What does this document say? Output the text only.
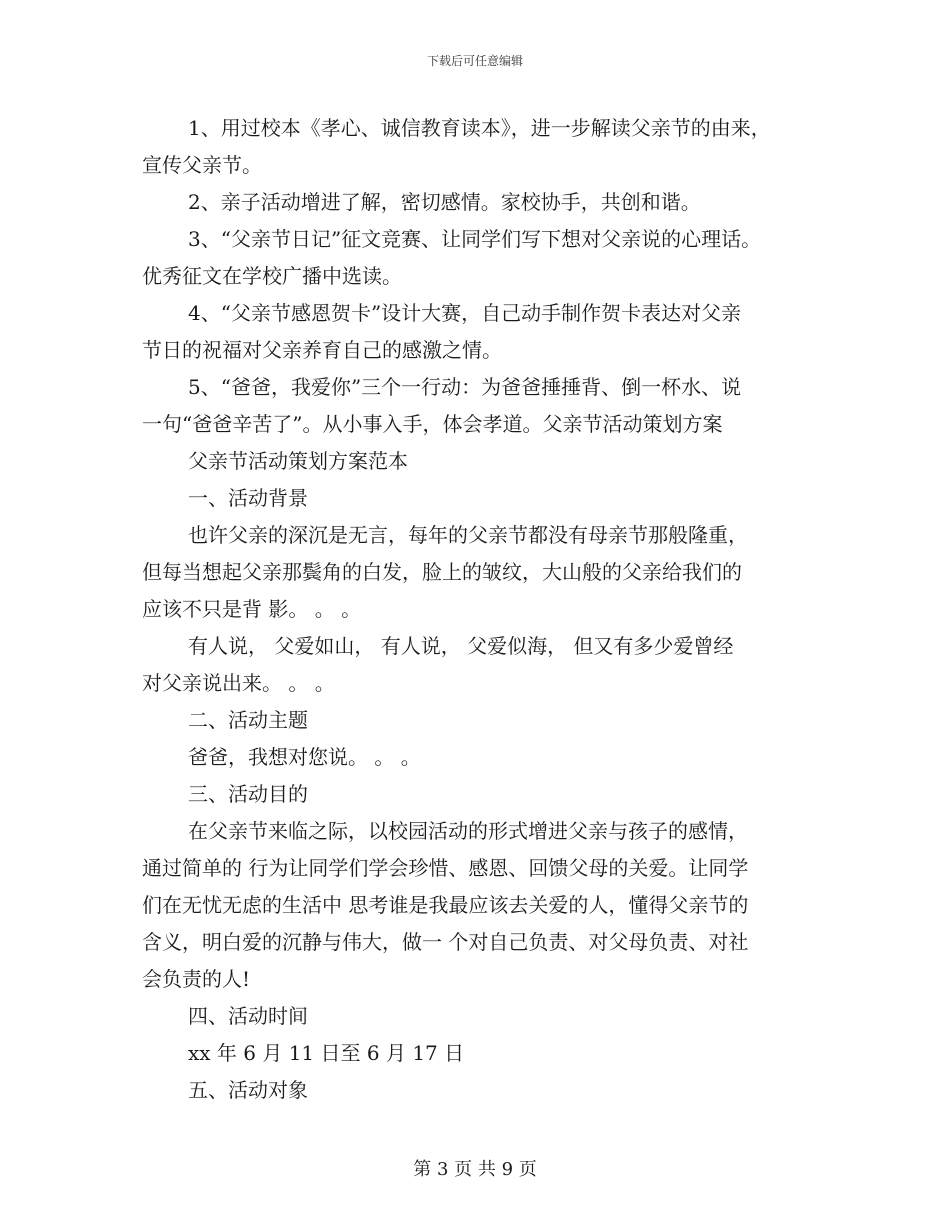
下载后可任意编辑
1、用过校本《孝心、诚信教育读本》，进一步解读父亲节的由来，
宣传父亲节。
2、亲子活动增进了解，密切感情。家校协手，共创和谐。
3、“父亲节日记”征文竞赛、让同学们写下想对父亲说的心理话。
优秀征文在学校广播中选读。
4、“父亲节感恩贺卡”设计大赛，自己动手制作贺卡表达对父亲
节日的祝福对父亲养育自己的感激之情。
5、“爸爸，我爱你”三个一行动：为爸爸捶捶背、倒一杯水、说
一句“爸爸辛苦了”。从小事入手，体会孝道。父亲节活动策划方案
父亲节活动策划方案范本
一、活动背景
也许父亲的深沉是无言，每年的父亲节都没有母亲节那般隆重，
但每当想起父亲那鬓角的白发，脸上的皱纹，大山般的父亲给我们的
应该不只是背 影。 。 。
有人说， 父爱如山， 有人说， 父爱似海， 但又有多少爱曾经
对父亲说出来。 。 。
二、活动主题
爸爸，我想对您说。 。 。
三、活动目的
在父亲节来临之际，以校园活动的形式增进父亲与孩子的感情，
通过简单的 行为让同学们学会珍惜、感恩、回馈父母的关爱。让同学
们在无忧无虑的生活中 思考谁是我最应该去关爱的人，懂得父亲节的
含义，明白爱的沉静与伟大，做一 个对自己负责、对父母负责、对社
会负责的人!
四、活动时间
xx 年 6 月 11 日至 6 月 17 日
五、活动对象
第 3 页 共 9 页
